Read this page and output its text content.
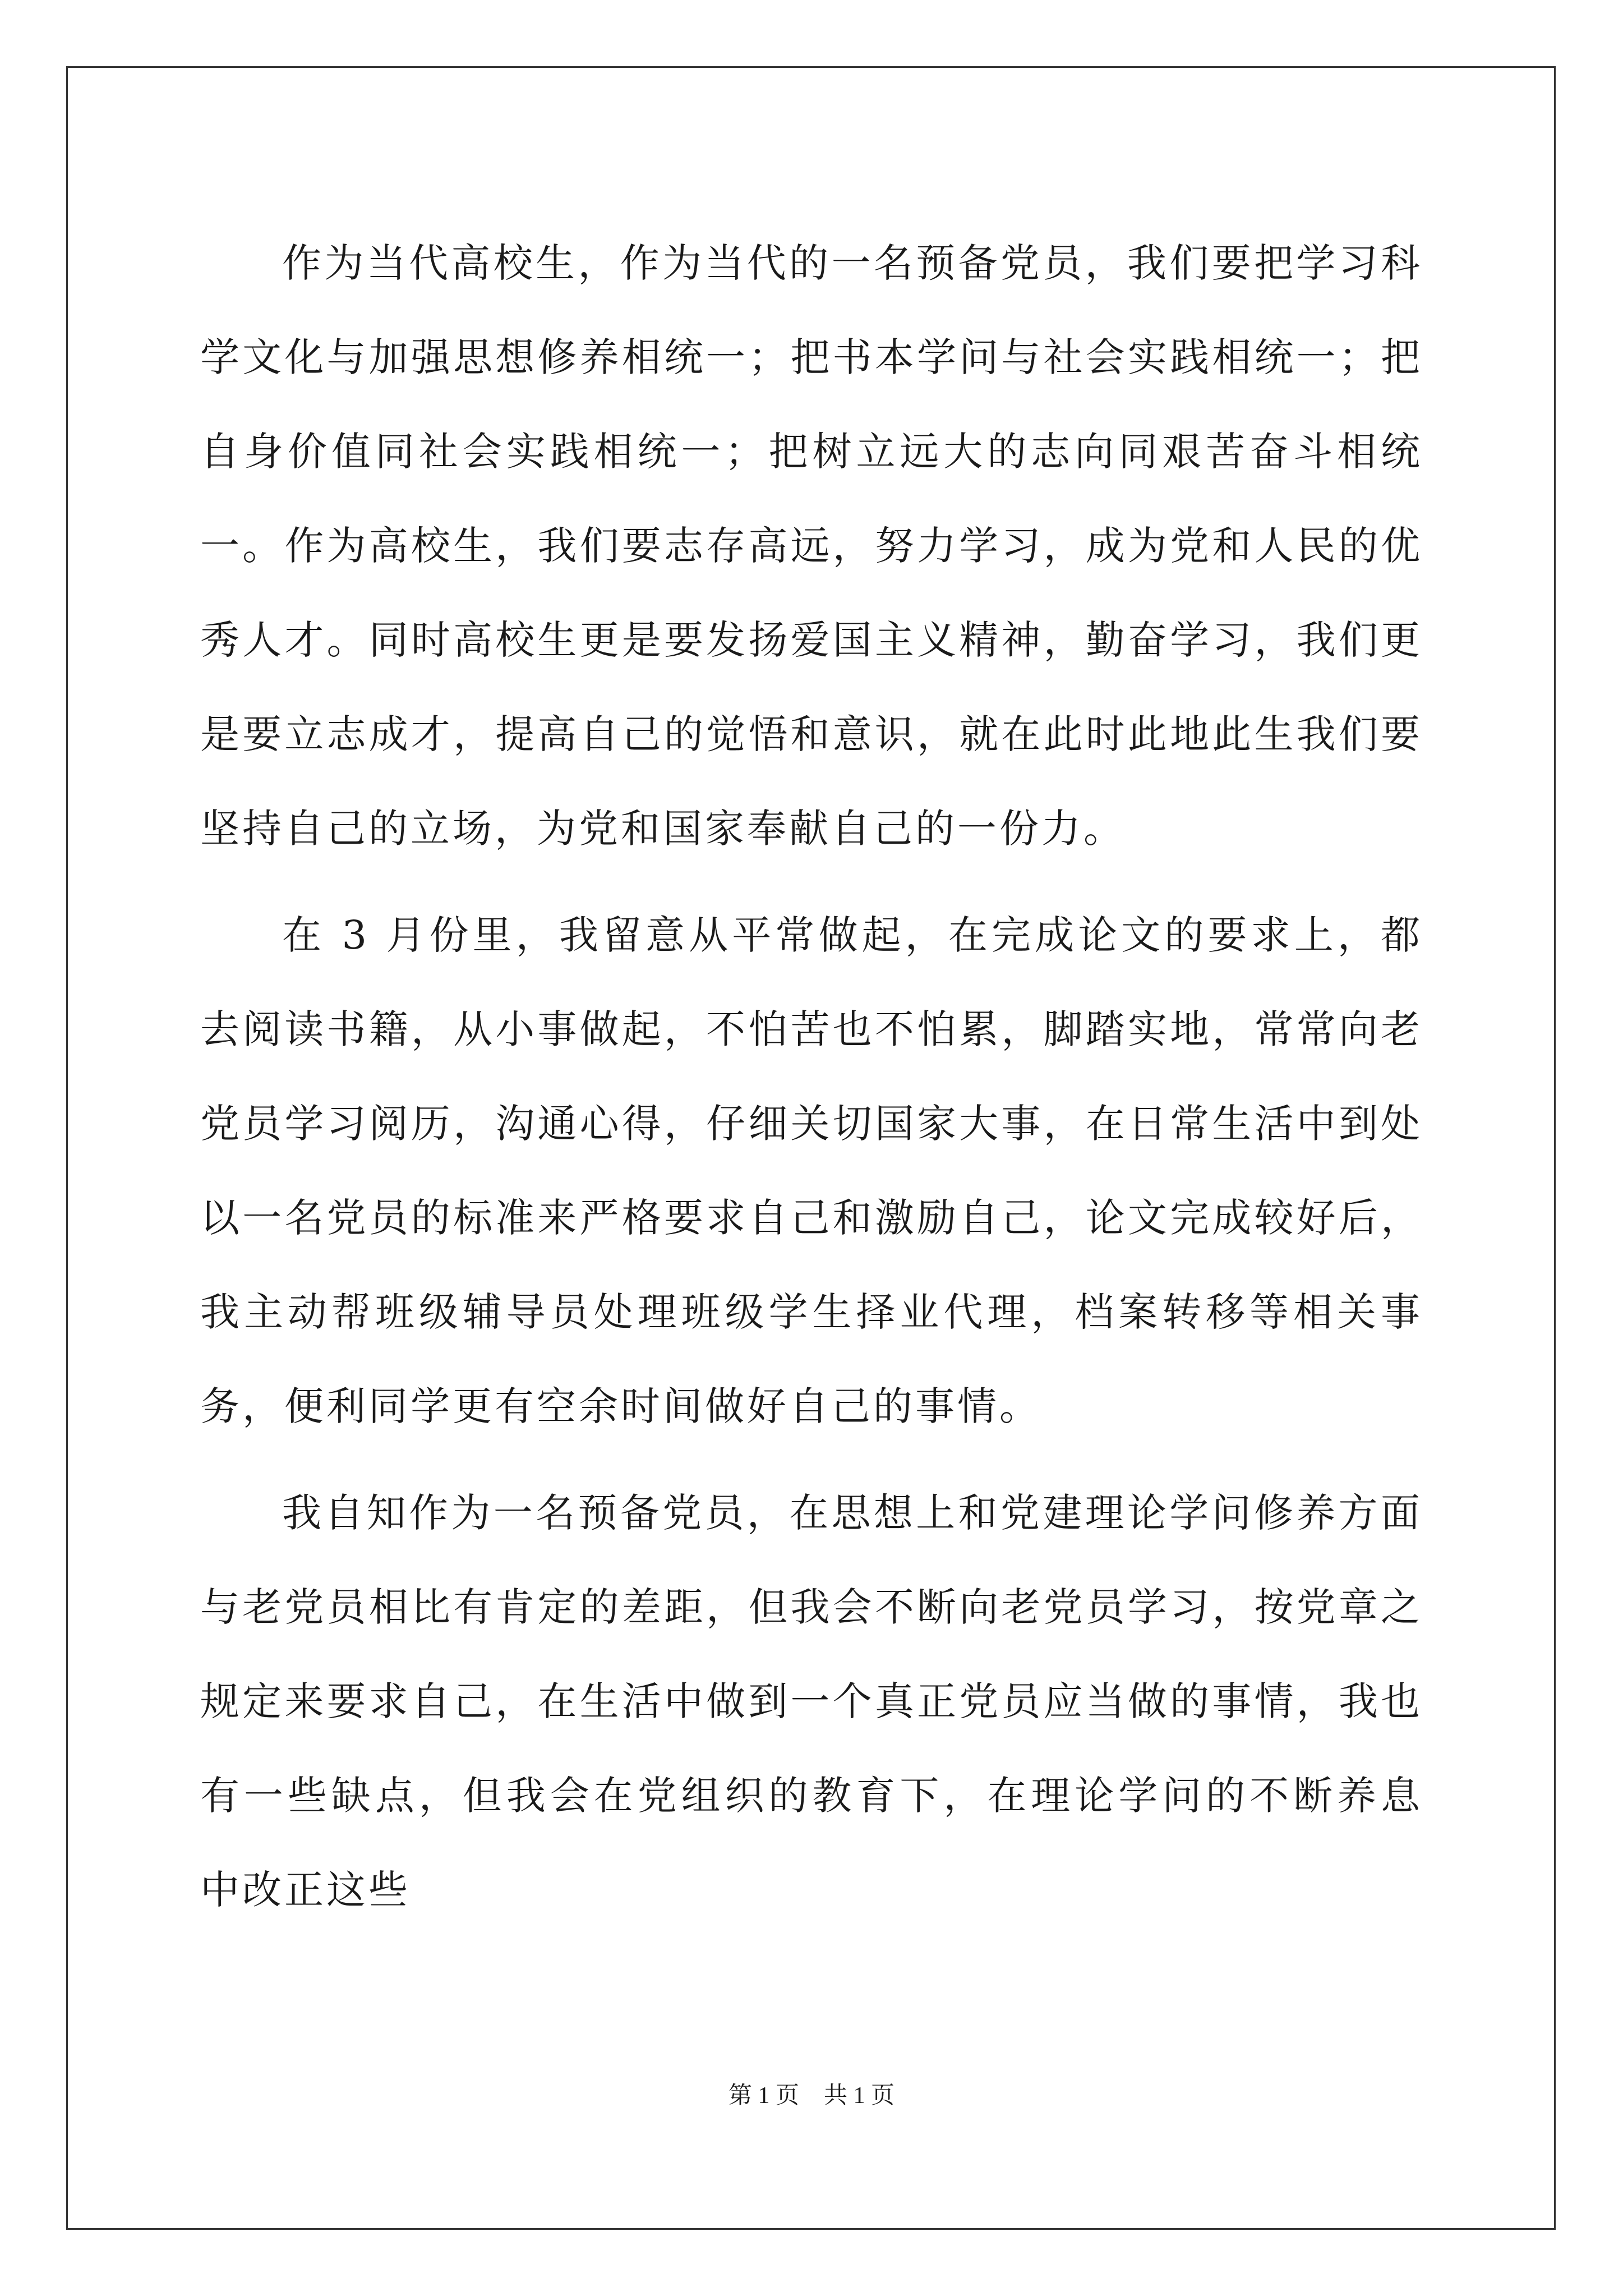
作为当代高校生，作为当代的一名预备党员，我们要把学习科学文化与加强思想修养相统一；把书本学问与社会实践相统一；把自身价值同社会实践相统一；把树立远大的志向同艰苦奋斗相统一。作为高校生，我们要志存高远，努力学习，成为党和人民的优秀人才。同时高校生更是要发扬爱国主义精神，勤奋学习，我们更是要立志成才，提高自己的觉悟和意识，就在此时此地此生我们要坚持自己的立场，为党和国家奉献自己的一份力。

在 3 月份里，我留意从平常做起，在完成论文的要求上，都去阅读书籍，从小事做起，不怕苦也不怕累，脚踏实地，常常向老党员学习阅历，沟通心得，仔细关切国家大事，在日常生活中到处以一名党员的标准来严格要求自己和激励自己，论文完成较好后，我主动帮班级辅导员处理班级学生择业代理，档案转移等相关事务，便利同学更有空余时间做好自己的事情。

我自知作为一名预备党员，在思想上和党建理论学问修养方面与老党员相比有肯定的差距，但我会不断向老党员学习，按党章之规定来要求自己，在生活中做到一个真正党员应当做的事情，我也有一些缺点，但我会在党组织的教育下，在理论学问的不断养息 中改正这些

第 1 页 共 1 页
